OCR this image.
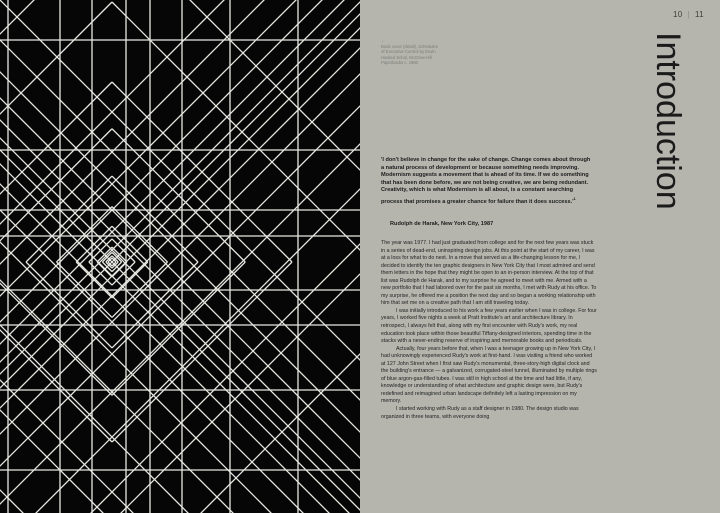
10  |  11

Introduction

←
Book cover (detail), Schedules of Executive Control by Erwin Hasked Schol, McGraw-Hill Paperbacks c. 1960

'I don't believe in change for the sake of change. Change comes about through a natural process of development or because something needs improving. Modernism suggests a movement that is ahead of its time. If we do something that has been done before, we are not being creative, we are being redundant. Creativity, which is what Modernism is all about, is a constant searching process that promises a greater chance for failure than it does $success.'^1$

Rudolph de Harak, New York City, 1987

The year was 1977. I had just graduated from college and for the next few years was stuck in a series of dead-end, uninspiring design jobs. At this point at the start of my career, I was at a loss for what to do next. In a move that served as a life-changing lesson for me, I decided to identify the ten graphic designers in New York City that I most admired and send them letters in the hope that they might be open to an in-person interview. At the top of that list was Rudolph de Harak, and to my surprise he agreed to meet with me. Armed with a new portfolio that I had labored over for the past six months, I met with Rudy at his office. To my surprise, he offered me a position the next day and so began a working relationship with him that set me on a creative path that I am still traveling today.

I was initially introduced to his work a few years earlier when I was in college. For four years, I worked five nights a week at Pratt Institute's art and architecture library. In retrospect, I always felt that, along with my first encounter with Rudy's work, my real education took place within those beautiful Tiffany-designed interiors, spending time in the stacks with a never-ending reserve of inspiring and memorable books and periodicals.

Actually, four years before that, when I was a teenager growing up in New York City, I had unknowingly experienced Rudy's work at first-hand. I was visiting a friend who worked at 127 John Street when I first saw Rudy's monumental, three-story-high digital clock and the building's entrance — a galvanized, corrugated-steel tunnel, illuminated by multiple rings of blue argon-gas-filled tubes. I was still in high school at the time and had little, if any, knowledge or understanding of what architecture and graphic design were, but Rudy's redefined and reimagined urban landscape definitely left a lasting impression on my memory.

I started working with Rudy as a staff designer in 1980. The design studio was organized in three teams, with everyone doing
